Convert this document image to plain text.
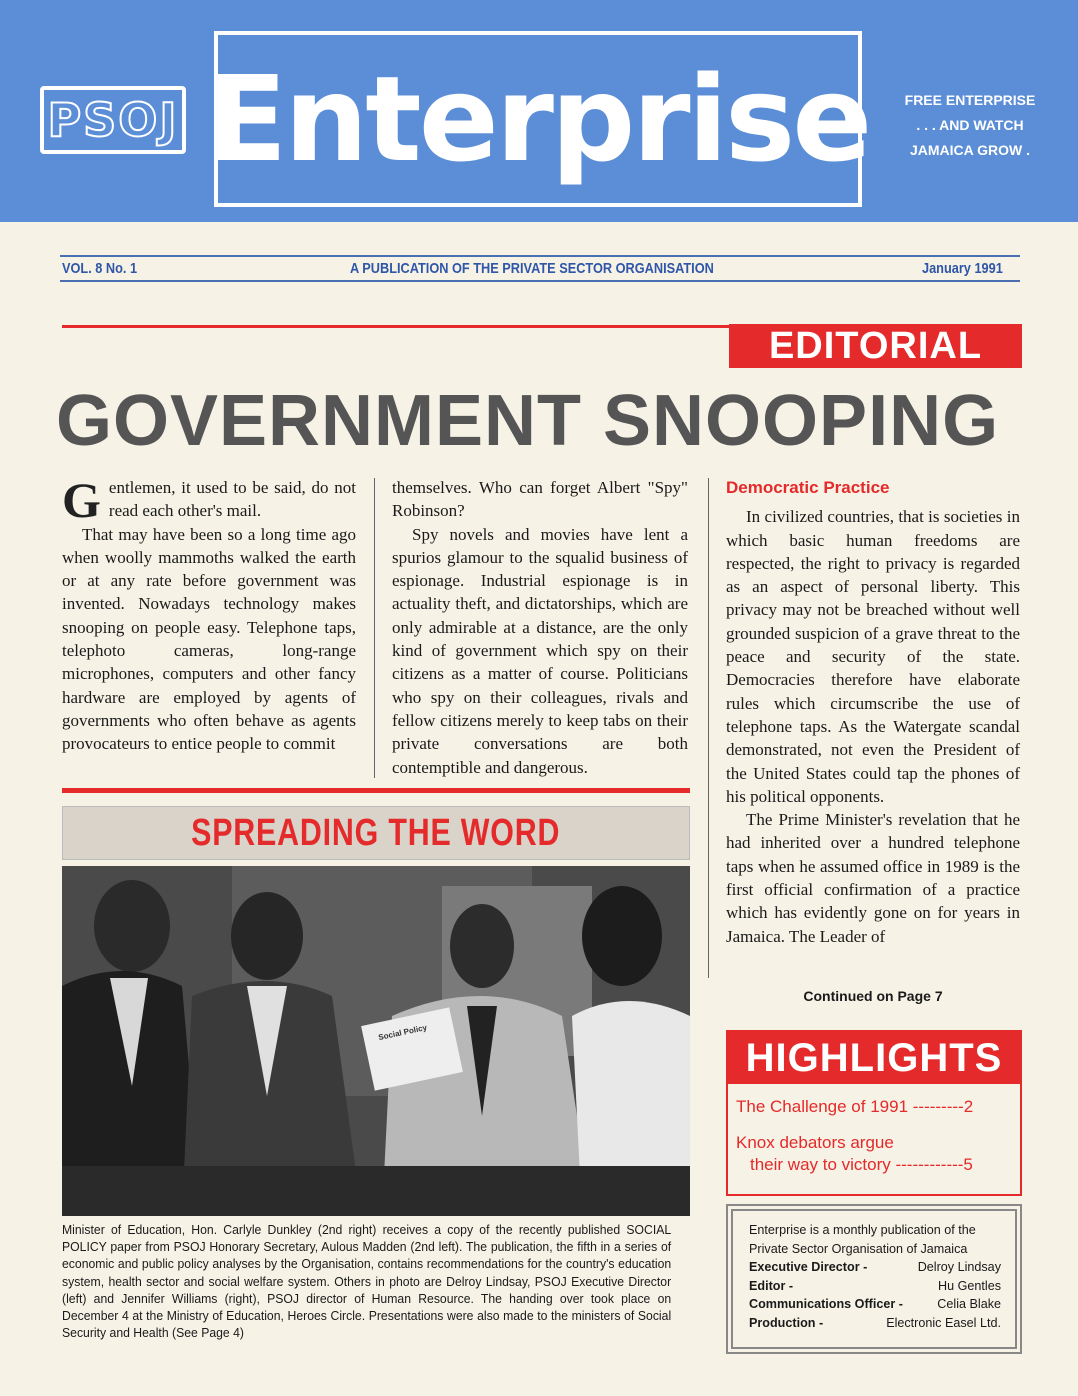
PSOJ Enterprise	FREE ENTERPRISE
. . . AND WATCH
JAMAICA GROW .
VOL. 8 No. 1	A PUBLICATION OF THE PRIVATE SECTOR ORGANISATION	January 1991
EDITORIAL
GOVERNMENT SNOOPING

Gentlemen, it used to be said, do not read each other's mail.

That may have been so a long time ago when woolly mammoths walked the earth or at any rate before government was invented. Nowadays technology makes snooping on people easy. Telephone taps, telephoto cameras, long-range microphones, computers and other fancy hardware are employed by agents of governments who often behave as agents provocateurs to entice people to commit

themselves. Who can forget Albert "Spy" Robinson?

Spy novels and movies have lent a spurios glamour to the squalid business of espionage. Industrial espionage is in actuality theft, and dictatorships, which are only admirable at a distance, are the only kind of government which spy on their citizens as a matter of course. Politicians who spy on their colleagues, rivals and fellow citizens merely to keep tabs on their private conversations are both contemptible and dangerous.

Democratic Practice

In civilized countries, that is societies in which basic human freedoms are respected, the right to privacy is regarded as an aspect of personal liberty. This privacy may not be breached without well grounded suspicion of a grave threat to the peace and security of the state. Democracies therefore have elaborate rules which circumscribe the use of telephone taps. As the Watergate scandal demonstrated, not even the President of the United States could tap the phones of his political opponents.

The Prime Minister's revelation that he had inherited over a hundred telephone taps when he assumed office in 1989 is the first official confirmation of a practice which has evidently gone on for years in Jamaica. The Leader of

Continued on Page 7
SPREADING THE WORD
Social Policy
Minister of Education, Hon. Carlyle Dunkley (2nd right) receives a copy of the recently published SOCIAL POLICY paper from PSOJ Honorary Secretary, Aulous Madden (2nd left). The publication, the fifth in a series of economic and public policy analyses by the Organisation, contains recommendations for the country's education system, health sector and social welfare system. Others in photo are Delroy Lindsay, PSOJ Executive Director (left) and Jennifer Williams (right), PSOJ director of Human Resource. The handing over took place on December 4 at the Ministry of Education, Heroes Circle. Presentations were also made to the ministers of Social Security and Health (See Page 4)
HIGHLIGHTS
The Challenge of 1991 ---------2
Knox debators argue
their way to victory ------------5
Enterprise is a monthly publication of the
Private Sector Organisation of Jamaica
Executive Director -	Delroy Lindsay
Editor -	Hu Gentles
Communications Officer -	Celia Blake
Production -	Electronic Easel Ltd.
